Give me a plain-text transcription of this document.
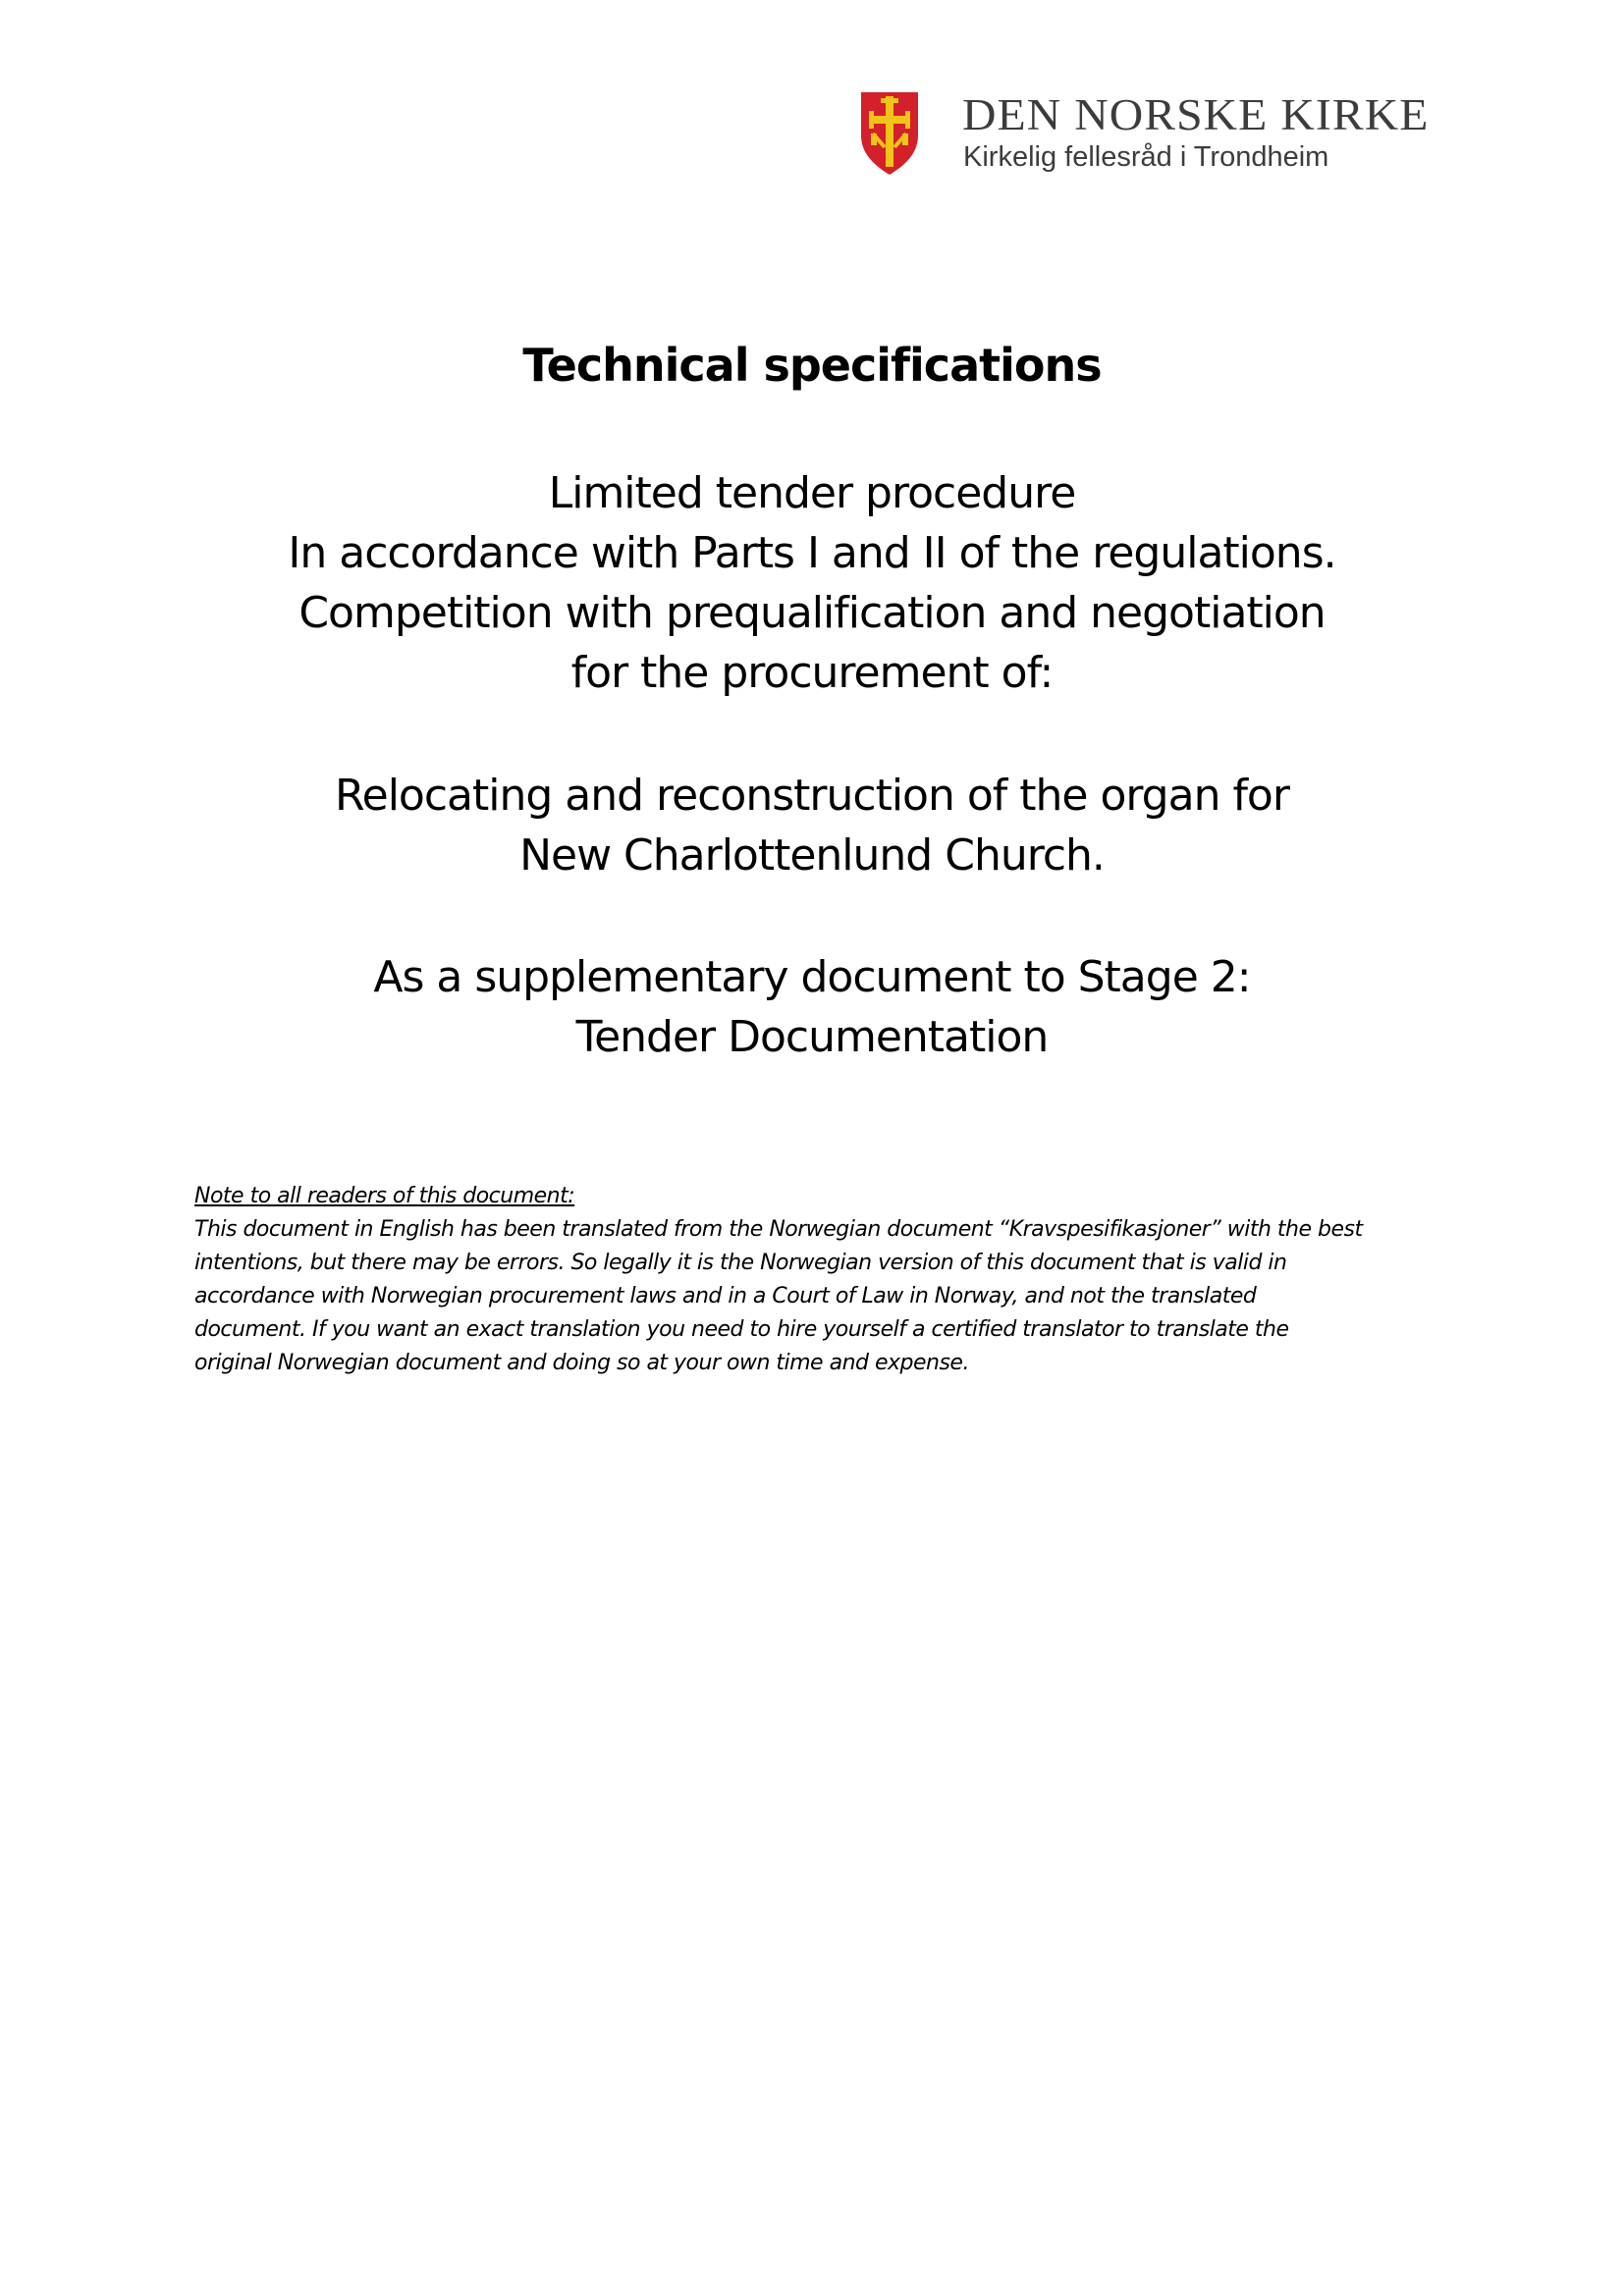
DEN NORSKE KIRKE
Kirkelig fellesråd i Trondheim
Technical specifications
Limited tender procedure
In accordance with Parts I and II of the regulations.
Competition with prequalification and negotiation
for the procurement of:
Relocating and reconstruction of the organ for
New Charlottenlund Church.
As a supplementary document to Stage 2:
Tender Documentation
Note to all readers of this document:
This document in English has been translated from the Norwegian document “Kravspesifikasjoner” with the best
intentions, but there may be errors. So legally it is the Norwegian version of this document that is valid in
accordance with Norwegian procurement laws and in a Court of Law in Norway, and not the translated
document. If you want an exact translation you need to hire yourself a certified translator to translate the
original Norwegian document and doing so at your own time and expense.
